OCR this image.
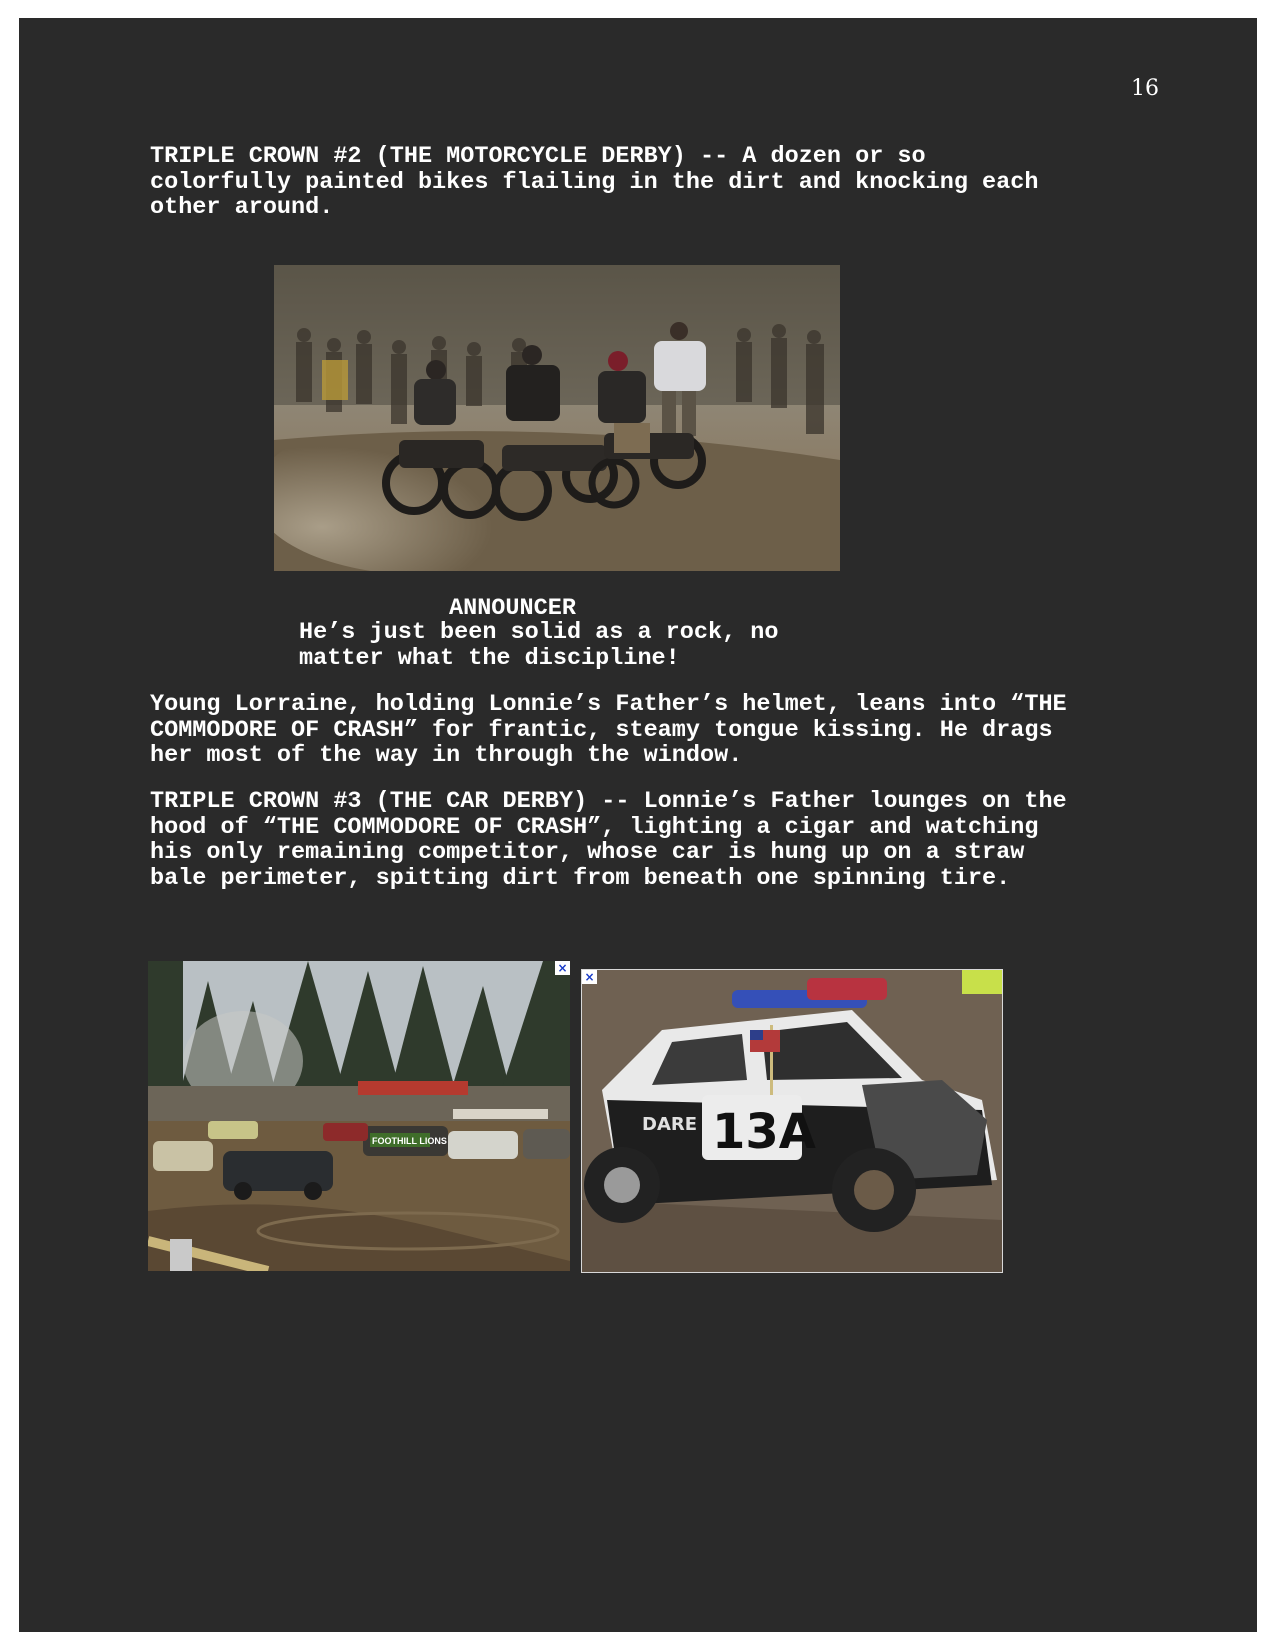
16

TRIPLE CROWN #2 (THE MOTORCYCLE DERBY) -- A dozen or so
colorfully painted bikes flailing in the dirt and knocking each
other around.

ANNOUNCER

He’s just been solid as a rock, no
matter what the discipline!

Young Lorraine, holding Lonnie’s Father’s helmet, leans into “THE
COMMODORE OF CRASH” for frantic, steamy tongue kissing. He drags
her most of the way in through the window.

TRIPLE CROWN #3 (THE CAR DERBY) -- Lonnie’s Father lounges on the
hood of “THE COMMODORE OF CRASH”, lighting a cigar and watching
his only remaining competitor, whose car is hung up on a straw
bale perimeter, spitting dirt from beneath one spinning tire.

FOOTHILL LIONS
×
13A
DARE
×
